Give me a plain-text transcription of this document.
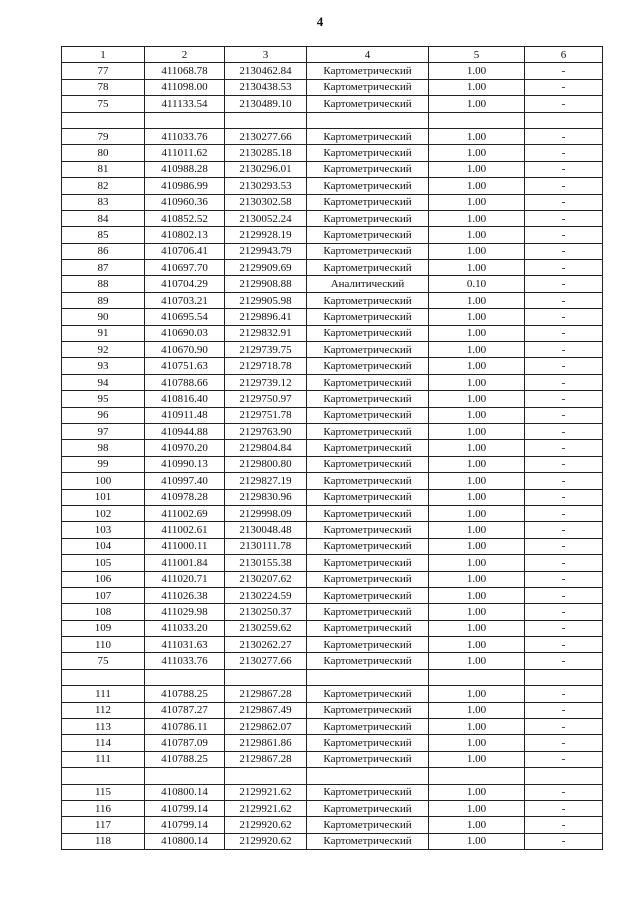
4
1	2	3	4	5	6
77	411068.78	2130462.84	Картометрический	1.00	-
78	411098.00	2130438.53	Картометрический	1.00	-
75	411133.54	2130489.10	Картометрический	1.00	-

79	411033.76	2130277.66	Картометрический	1.00	-
80	411011.62	2130285.18	Картометрический	1.00	-
81	410988.28	2130296.01	Картометрический	1.00	-
82	410986.99	2130293.53	Картометрический	1.00	-
83	410960.36	2130302.58	Картометрический	1.00	-
84	410852.52	2130052.24	Картометрический	1.00	-
85	410802.13	2129928.19	Картометрический	1.00	-
86	410706.41	2129943.79	Картометрический	1.00	-
87	410697.70	2129909.69	Картометрический	1.00	-
88	410704.29	2129908.88	Аналитический	0.10	-
89	410703.21	2129905.98	Картометрический	1.00	-
90	410695.54	2129896.41	Картометрический	1.00	-
91	410690.03	2129832.91	Картометрический	1.00	-
92	410670.90	2129739.75	Картометрический	1.00	-
93	410751.63	2129718.78	Картометрический	1.00	-
94	410788.66	2129739.12	Картометрический	1.00	-
95	410816.40	2129750.97	Картометрический	1.00	-
96	410911.48	2129751.78	Картометрический	1.00	-
97	410944.88	2129763.90	Картометрический	1.00	-
98	410970.20	2129804.84	Картометрический	1.00	-
99	410990.13	2129800.80	Картометрический	1.00	-
100	410997.40	2129827.19	Картометрический	1.00	-
101	410978.28	2129830.96	Картометрический	1.00	-
102	411002.69	2129998.09	Картометрический	1.00	-
103	411002.61	2130048.48	Картометрический	1.00	-
104	411000.11	2130111.78	Картометрический	1.00	-
105	411001.84	2130155.38	Картометрический	1.00	-
106	411020.71	2130207.62	Картометрический	1.00	-
107	411026.38	2130224.59	Картометрический	1.00	-
108	411029.98	2130250.37	Картометрический	1.00	-
109	411033.20	2130259.62	Картометрический	1.00	-
110	411031.63	2130262.27	Картометрический	1.00	-
75	411033.76	2130277.66	Картометрический	1.00	-

111	410788.25	2129867.28	Картометрический	1.00	-
112	410787.27	2129867.49	Картометрический	1.00	-
113	410786.11	2129862.07	Картометрический	1.00	-
114	410787.09	2129861.86	Картометрический	1.00	-
111	410788.25	2129867.28	Картометрический	1.00	-

115	410800.14	2129921.62	Картометрический	1.00	-
116	410799.14	2129921.62	Картометрический	1.00	-
117	410799.14	2129920.62	Картометрический	1.00	-
118	410800.14	2129920.62	Картометрический	1.00	-
